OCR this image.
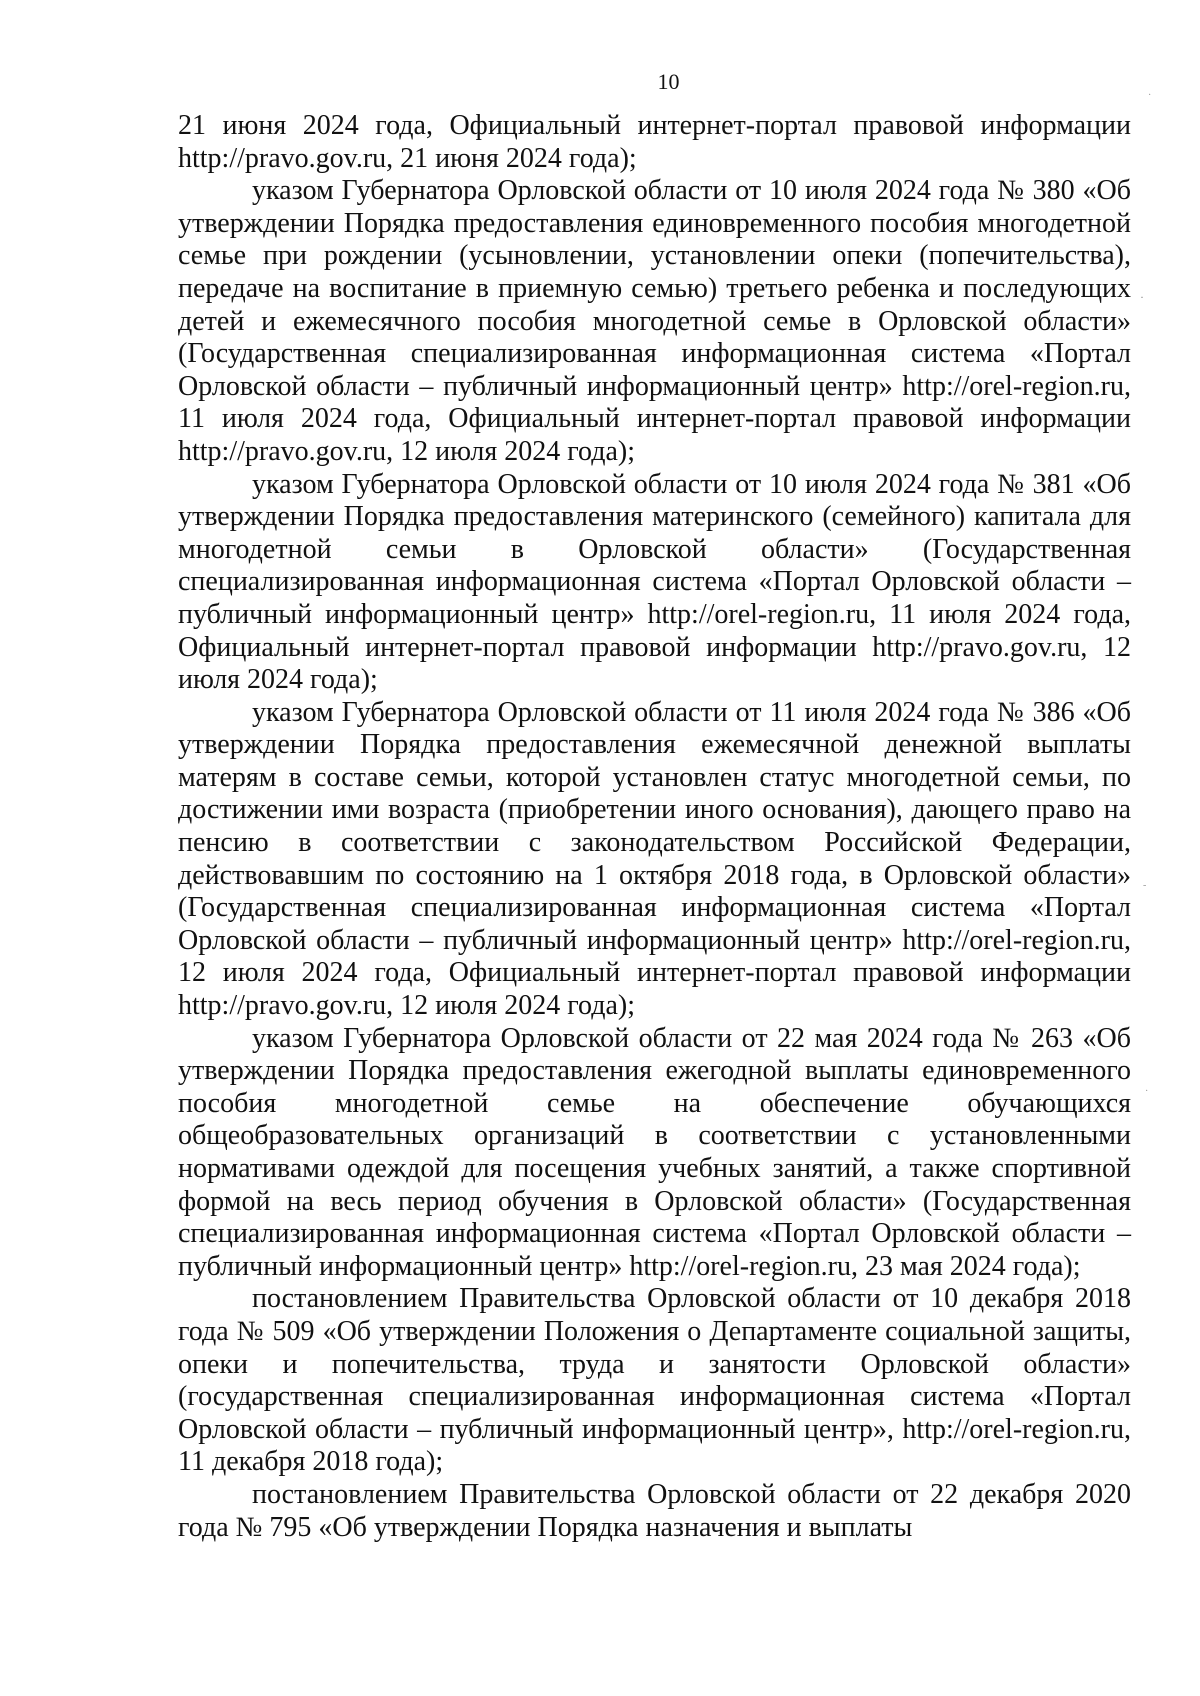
10
·
·
-
·

21 июня 2024 года, Официальный интернет-портал правовой информации http://pravo.gov.ru, 21 июня 2024 года);

указом Губернатора Орловской области от 10 июля 2024 года № 380 «Об утверждении Порядка предоставления единовременного пособия многодетной семье при рождении (усыновлении, установлении опеки (попечительства), передаче на воспитание в приемную семью) третьего ребенка и последующих детей и ежемесячного пособия многодетной семье в Орловской области» (Государственная специализированная информационная система «Портал Орловской области – публичный информационный центр» http://orel-region.ru, 11 июля 2024 года, Официальный интернет-портал правовой информации http://pravo.gov.ru, 12 июля 2024 года);

указом Губернатора Орловской области от 10 июля 2024 года № 381 «Об утверждении Порядка предоставления материнского (семейного) капитала для многодетной семьи в Орловской области» (Государственная специализированная информационная система «Портал Орловской области – публичный информационный центр» http://orel-region.ru, 11 июля 2024 года, Официальный интернет-портал правовой информации http://pravo.gov.ru, 12 июля 2024 года);

указом Губернатора Орловской области от 11 июля 2024 года № 386 «Об утверждении Порядка предоставления ежемесячной денежной выплаты матерям в составе семьи, которой установлен статус многодетной семьи, по достижении ими возраста (приобретении иного основания), дающего право на пенсию в соответствии с законодательством Российской Федерации, действовавшим по состоянию на 1 октября 2018 года, в Орловской области» (Государственная специализированная информационная система «Портал Орловской области – публичный информационный центр» http://orel-region.ru, 12 июля 2024 года, Официальный интернет-портал правовой информации http://pravo.gov.ru, 12 июля 2024 года);

указом Губернатора Орловской области от 22 мая 2024 года № 263 «Об утверждении Порядка предоставления ежегодной выплаты единовременного пособия многодетной семье на обеспечение обучающихся общеобразовательных организаций в соответствии с установленными нормативами одеждой для посещения учебных занятий, а также спортивной формой на весь период обучения в Орловской области» (Государственная специализированная информационная система «Портал Орловской области – публичный информационный центр» http://orel-region.ru, 23 мая 2024 года);

постановлением Правительства Орловской области от 10 декабря 2018 года № 509 «Об утверждении Положения о Департаменте социальной защиты, опеки и попечительства, труда и занятости Орловской области» (государственная специализированная информационная система «Портал Орловской области – публичный информационный центр», http://orel-region.ru, 11 декабря 2018 года);

постановлением Правительства Орловской области от 22 декабря 2020 года № 795 «Об утверждении Порядка назначения и выплаты
